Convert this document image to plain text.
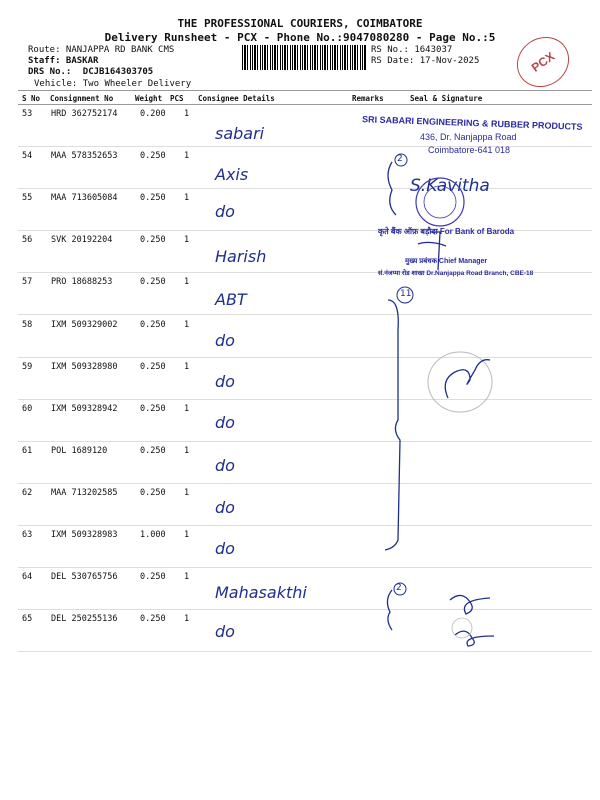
THE PROFESSIONAL COURIERS, COIMBATORE
Delivery Runsheet - PCX - Phone No.:9047080280 - Page No.:5
Route: NANJAPPA RD BANK CMS
Staff: BASKAR
DRS No.: DCJB164303705
Vehicle: Two Wheeler Delivery
RS No.: 1643037
RS Date: 17-Nov-2025	PCX
S No Consignment No	Weight PCS Consignee Details	Remarks	Seal & Signature
53 HRD 362752174	0.200 1
sabari
54 MAA 578352653	0.250 1
Axis
55 MAA 713605084	0.250 1
do
56 SVK 20192204	0.250 1
Harish
57 PRO 18688253	0.250 1
ABT
58 IXM 509329002	0.250 1
do
59 IXM 509328980	0.250 1
do
60 IXM 509328942	0.250 1
do
61 POL 1689120	0.250 1
do
62 MAA 713202585	0.250 1
do
63 IXM 509328983	1.000 1
do
64 DEL 530765756	0.250 1
Mahasakthi
65 DEL 250255136	0.250 1
do
SRI SABARI ENGINEERING & RUBBER PRODUCTS
436, Dr. Nanjappa Road
Coimbatore-641 018
S.Kavitha
कृते बैंक ऑफ़ बड़ौदा For Bank of Baroda
मुख्य प्रबंधक Chief Manager
सं.नंजप्पा रोड शाखा Dr.Nanjappa Road Branch, CBE-18
2
11
2
